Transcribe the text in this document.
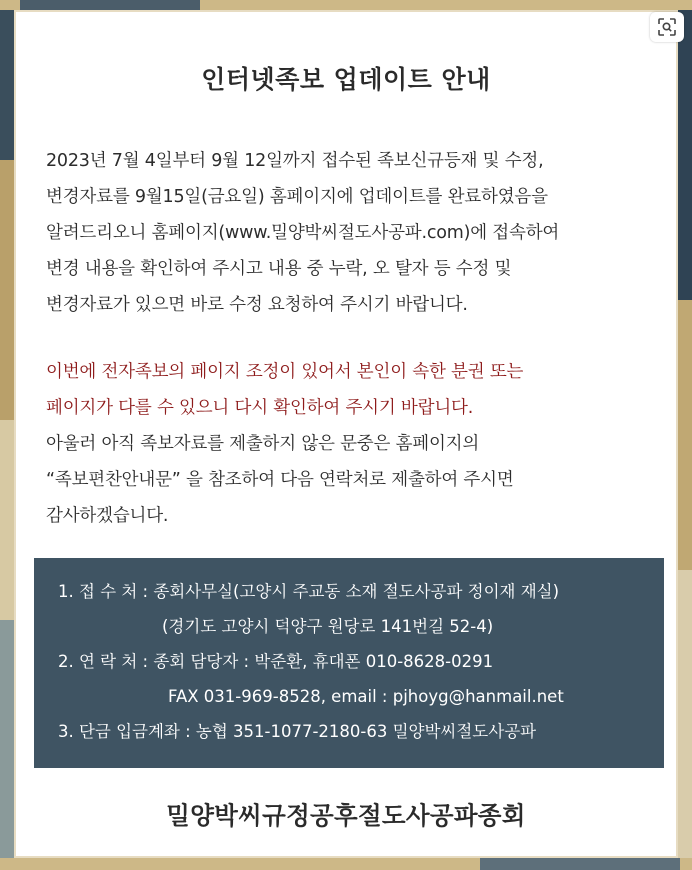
인터넷족보 업데이트 안내
2023년 7월 4일부터 9월 12일까지 접수된 족보신규등재 및 수정,
변경자료를 9월15일(금요일) 홈페이지에 업데이트를 완료하였음을
알려드리오니 홈페이지(www.밀양박씨절도사공파.com)에 접속하여
변경 내용을 확인하여 주시고 내용 중 누락, 오 탈자 등 수정 및
변경자료가 있으면 바로 수정 요청하여 주시기 바랍니다.
이번에 전자족보의 페이지 조정이 있어서 본인이 속한 분권 또는
페이지가 다를 수 있으니 다시 확인하여 주시기 바랍니다.
아울러 아직 족보자료를 제출하지 않은 문중은 홈페이지의
“족보편찬안내문” 을 참조하여 다음 연락처로 제출하여 주시면
감사하겠습니다.
1. 접 수 처 : 종회사무실(고양시 주교동 소재 절도사공파 정이재 재실)
(경기도 고양시 덕양구 원당로 141번길 52-4)
2. 연 락 처 : 종회 담당자 : 박준환, 휴대폰 010-8628-0291
FAX 031-969-8528, email : pjhoyg@hanmail.net
3. 단금 입금계좌 : 농협 351-1077-2180-63 밀양박씨절도사공파
밀양박씨규정공후절도사공파종회
